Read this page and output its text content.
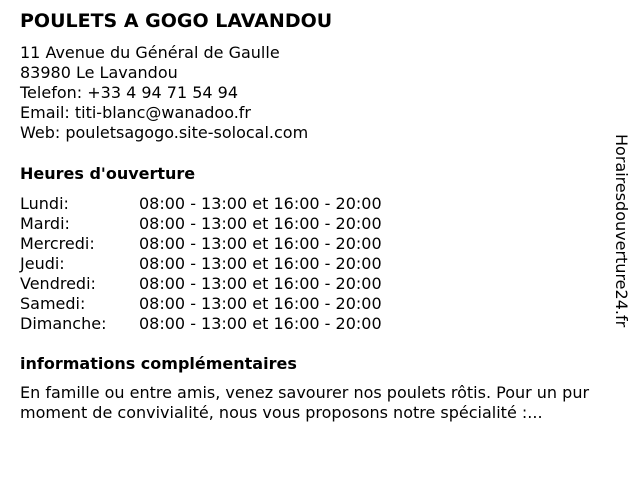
POULETS A GOGO LAVANDOU
11 Avenue du Général de Gaulle
83980 Le Lavandou
Telefon: +33 4 94 71 54 94
Email: titi-blanc@wanadoo.fr
Web: pouletsagogo.site-solocal.com
Heures d'ouverture
Lundi:	08:00 - 13:00 et 16:00 - 20:00
Mardi:	08:00 - 13:00 et 16:00 - 20:00
Mercredi:	08:00 - 13:00 et 16:00 - 20:00
Jeudi:	08:00 - 13:00 et 16:00 - 20:00
Vendredi:	08:00 - 13:00 et 16:00 - 20:00
Samedi:	08:00 - 13:00 et 16:00 - 20:00
Dimanche: 08:00 - 13:00 et 16:00 - 20:00
informations complémentaires
En famille ou entre amis, venez savourer nos poulets rôtis. Pour un pur moment de convivialité, nous vous proposons notre spécialité :...
Horairesdouverture24.fr
